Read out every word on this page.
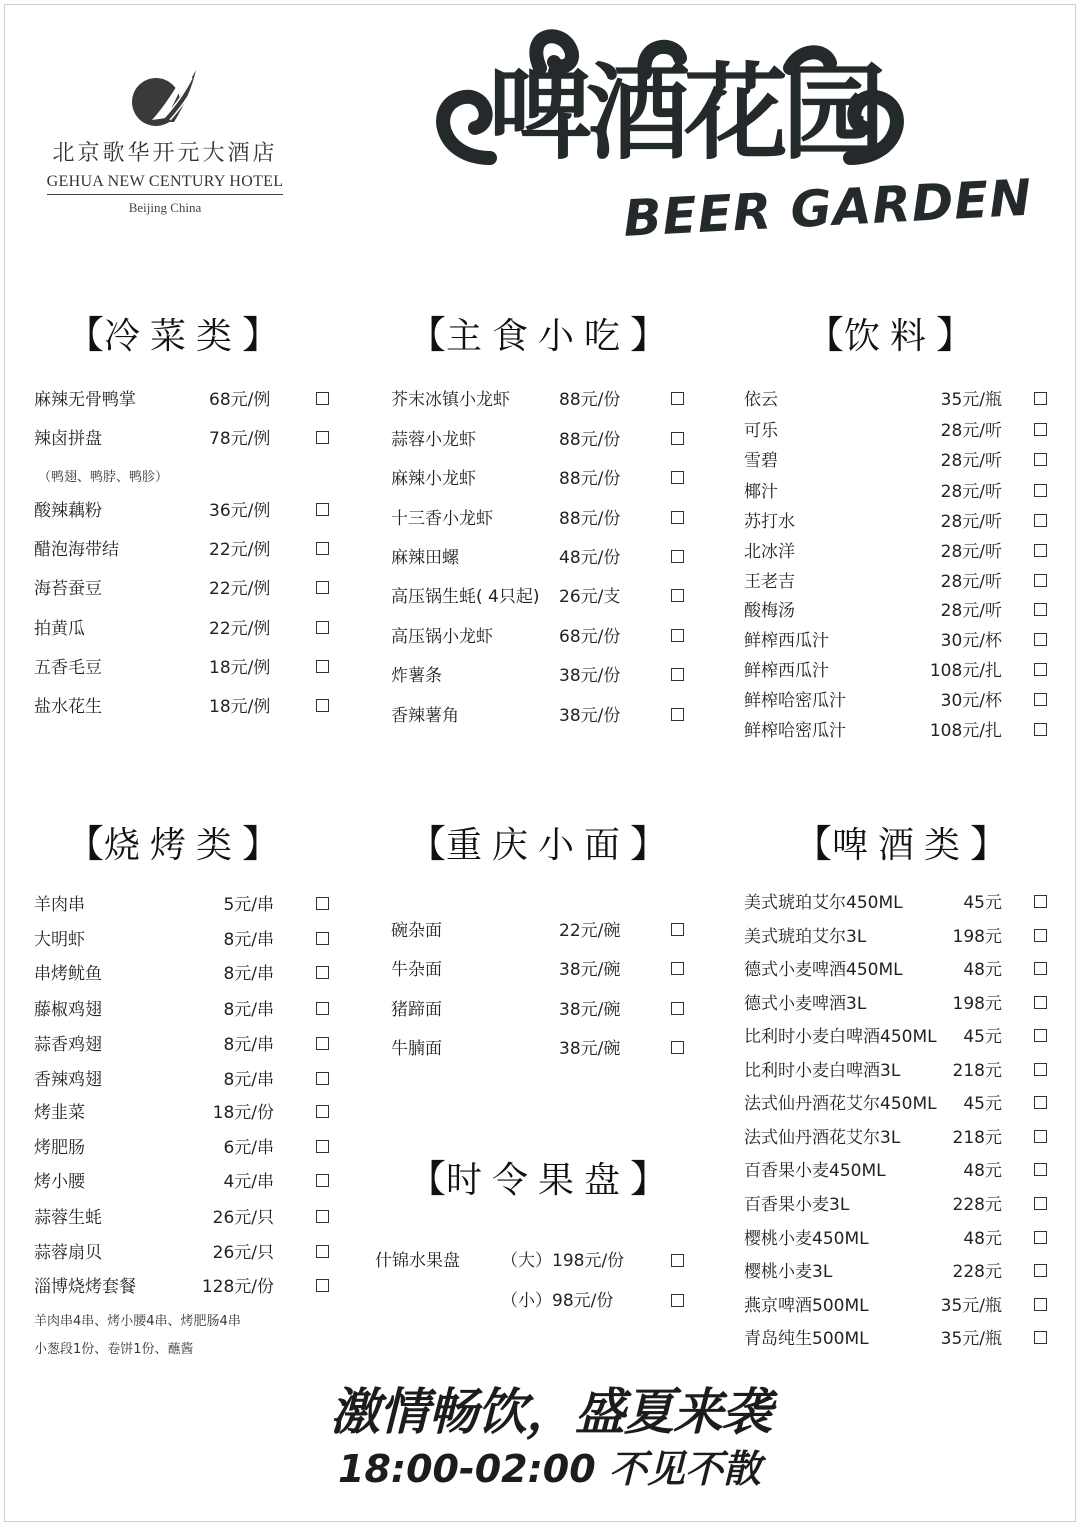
北京歌华开元大酒店
GEHUA NEW CENTURY HOTEL
Beijing China
啤酒花园
BEER GARDEN
【冷菜类】	【主食小吃】	【饮料】
【烧烤类】	【重庆小面】
【时令果盘】
【啤酒类】
麻辣无骨鸭掌	68元/例
辣卤拼盘	78元/例
酸辣藕粉	36元/例
醋泡海带结	22元/例
海苔蚕豆	22元/例
拍黄瓜	22元/例
五香毛豆	18元/例
盐水花生	18元/例
芥末冰镇小龙虾	88元/份
蒜蓉小龙虾	88元/份
麻辣小龙虾	88元/份
十三香小龙虾	88元/份
麻辣田螺	48元/份
高压锅生蚝( 4只起) 26元/支
高压锅小龙虾	68元/份
炸薯条	38元/份
香辣薯角	38元/份
依云	35元/瓶
可乐	28元/听
雪碧	28元/听
椰汁	28元/听
苏打水	28元/听
北冰洋	28元/听
王老吉	28元/听
酸梅汤	28元/听
鲜榨西瓜汁	30元/杯
鲜榨西瓜汁	108元/扎
鲜榨哈密瓜汁	30元/杯
鲜榨哈密瓜汁	108元/扎
羊肉串	5元/串
大明虾	8元/串
串烤鱿鱼	8元/串
藤椒鸡翅	8元/串
蒜香鸡翅	8元/串
香辣鸡翅	8元/串
烤韭菜	18元/份
烤肥肠	6元/串
烤小腰	4元/串
蒜蓉生蚝	26元/只
蒜蓉扇贝	26元/只
淄博烧烤套餐	128元/份
碗杂面	22元/碗
牛杂面	38元/碗
猪蹄面	38元/碗
牛腩面	38元/碗
美式琥珀艾尔450ML	45元
美式琥珀艾尔3L	198元
德式小麦啤酒450ML	48元
德式小麦啤酒3L	198元
比利时小麦白啤酒450ML 45元
比利时小麦白啤酒3L	218元
法式仙丹酒花艾尔450ML 45元
法式仙丹酒花艾尔3L	218元
百香果小麦450ML	48元
百香果小麦3L	228元
樱桃小麦450ML	48元
樱桃小麦3L	228元
燕京啤酒500ML	35元/瓶
青岛纯生500ML	35元/瓶
（鸭翅、鸭脖、鸭胗）
羊肉串4串、烤小腰4串、烤肥肠4串
小葱段1份、卷饼1份、蘸酱
什锦水果盘 （大）198元/份
（小）98元/份
激情畅饮，盛夏来袭
18:00-02:00 不见不散
